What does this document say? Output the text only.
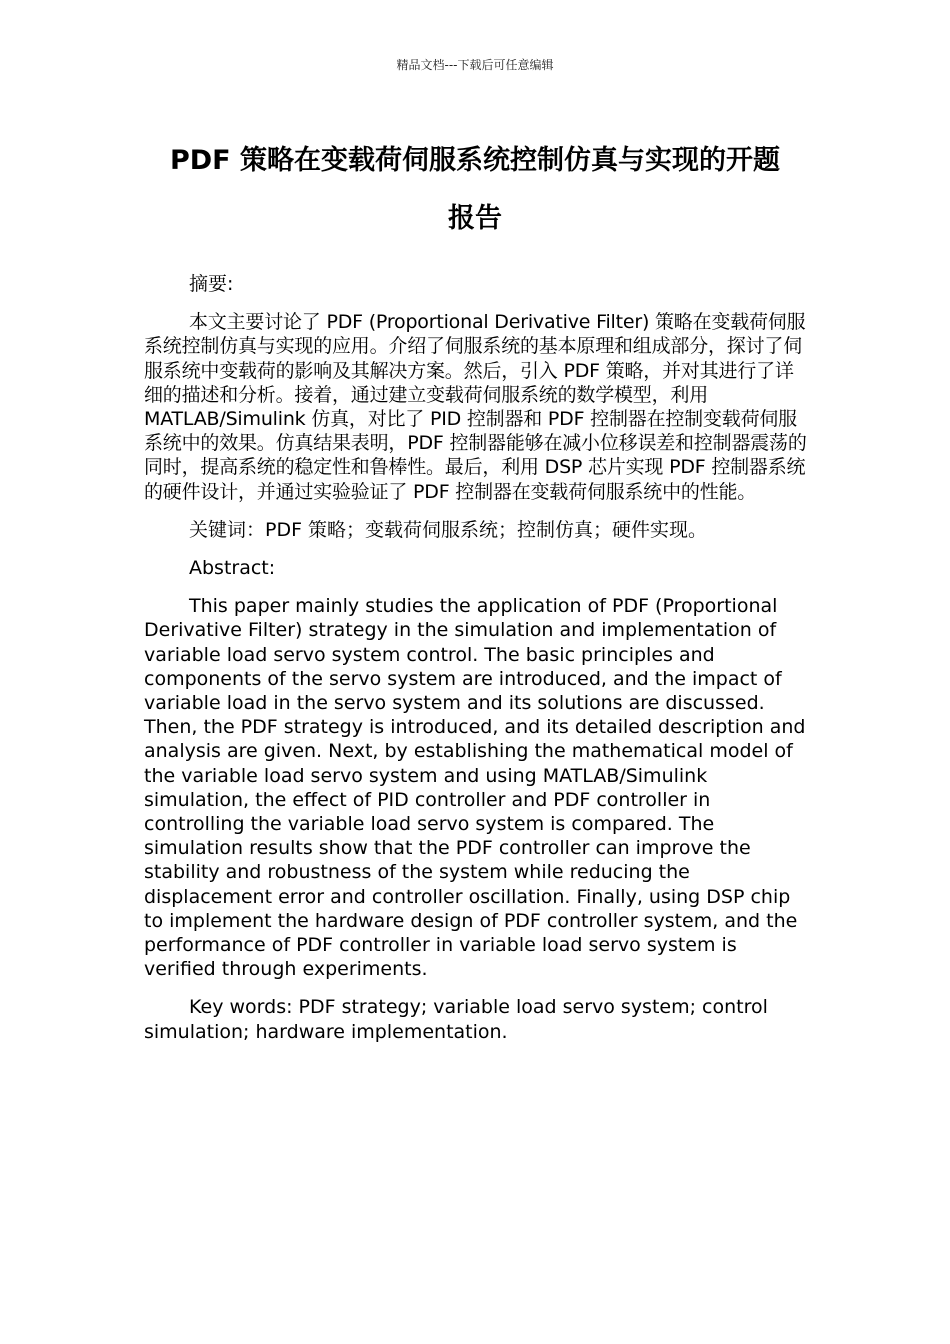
精品文档---下载后可任意编辑
PDF 策略在变载荷伺服系统控制仿真与实现的开题
报告

摘要:

本文主要讨论了 PDF (Proportional Derivative Filter) 策略在变载荷伺服系统控制仿真与实现的应用。介绍了伺服系统的基本原理和组成部分，探讨了伺服系统中变载荷的影响及其解决方案。然后，引入 PDF 策略，并对其进行了详细的描述和分析。接着，通过建立变载荷伺服系统的数学模型，利用 MATLAB/Simulink 仿真，对比了 PID 控制器和 PDF 控制器在控制变载荷伺服系统中的效果。仿真结果表明，PDF 控制器能够在减小位移误差和控制器震荡的同时，提高系统的稳定性和鲁棒性。最后，利用 DSP 芯片实现 PDF 控制器系统的硬件设计，并通过实验验证了 PDF 控制器在变载荷伺服系统中的性能。

关键词：PDF 策略；变载荷伺服系统；控制仿真；硬件实现。

Abstract:

This paper mainly studies the application of PDF (Proportional Derivative Filter) strategy in the simulation and implementation of variable load servo system control. The basic principles and components of the servo system are introduced, and the impact of variable load in the servo system and its solutions are discussed. Then, the PDF strategy is introduced, and its detailed description and analysis are given. Next, by establishing the mathematical model of the variable load servo system and using MATLAB/Simulink simulation, the effect of PID controller and PDF controller in controlling the variable load servo system is compared. The simulation results show that the PDF controller can improve the stability and robustness of the system while reducing the displacement error and controller oscillation. Finally, using DSP chip to implement the hardware design of PDF controller system, and the performance of PDF controller in variable load servo system is verified through experiments.

Key words: PDF strategy; variable load servo system; control simulation; hardware implementation.
